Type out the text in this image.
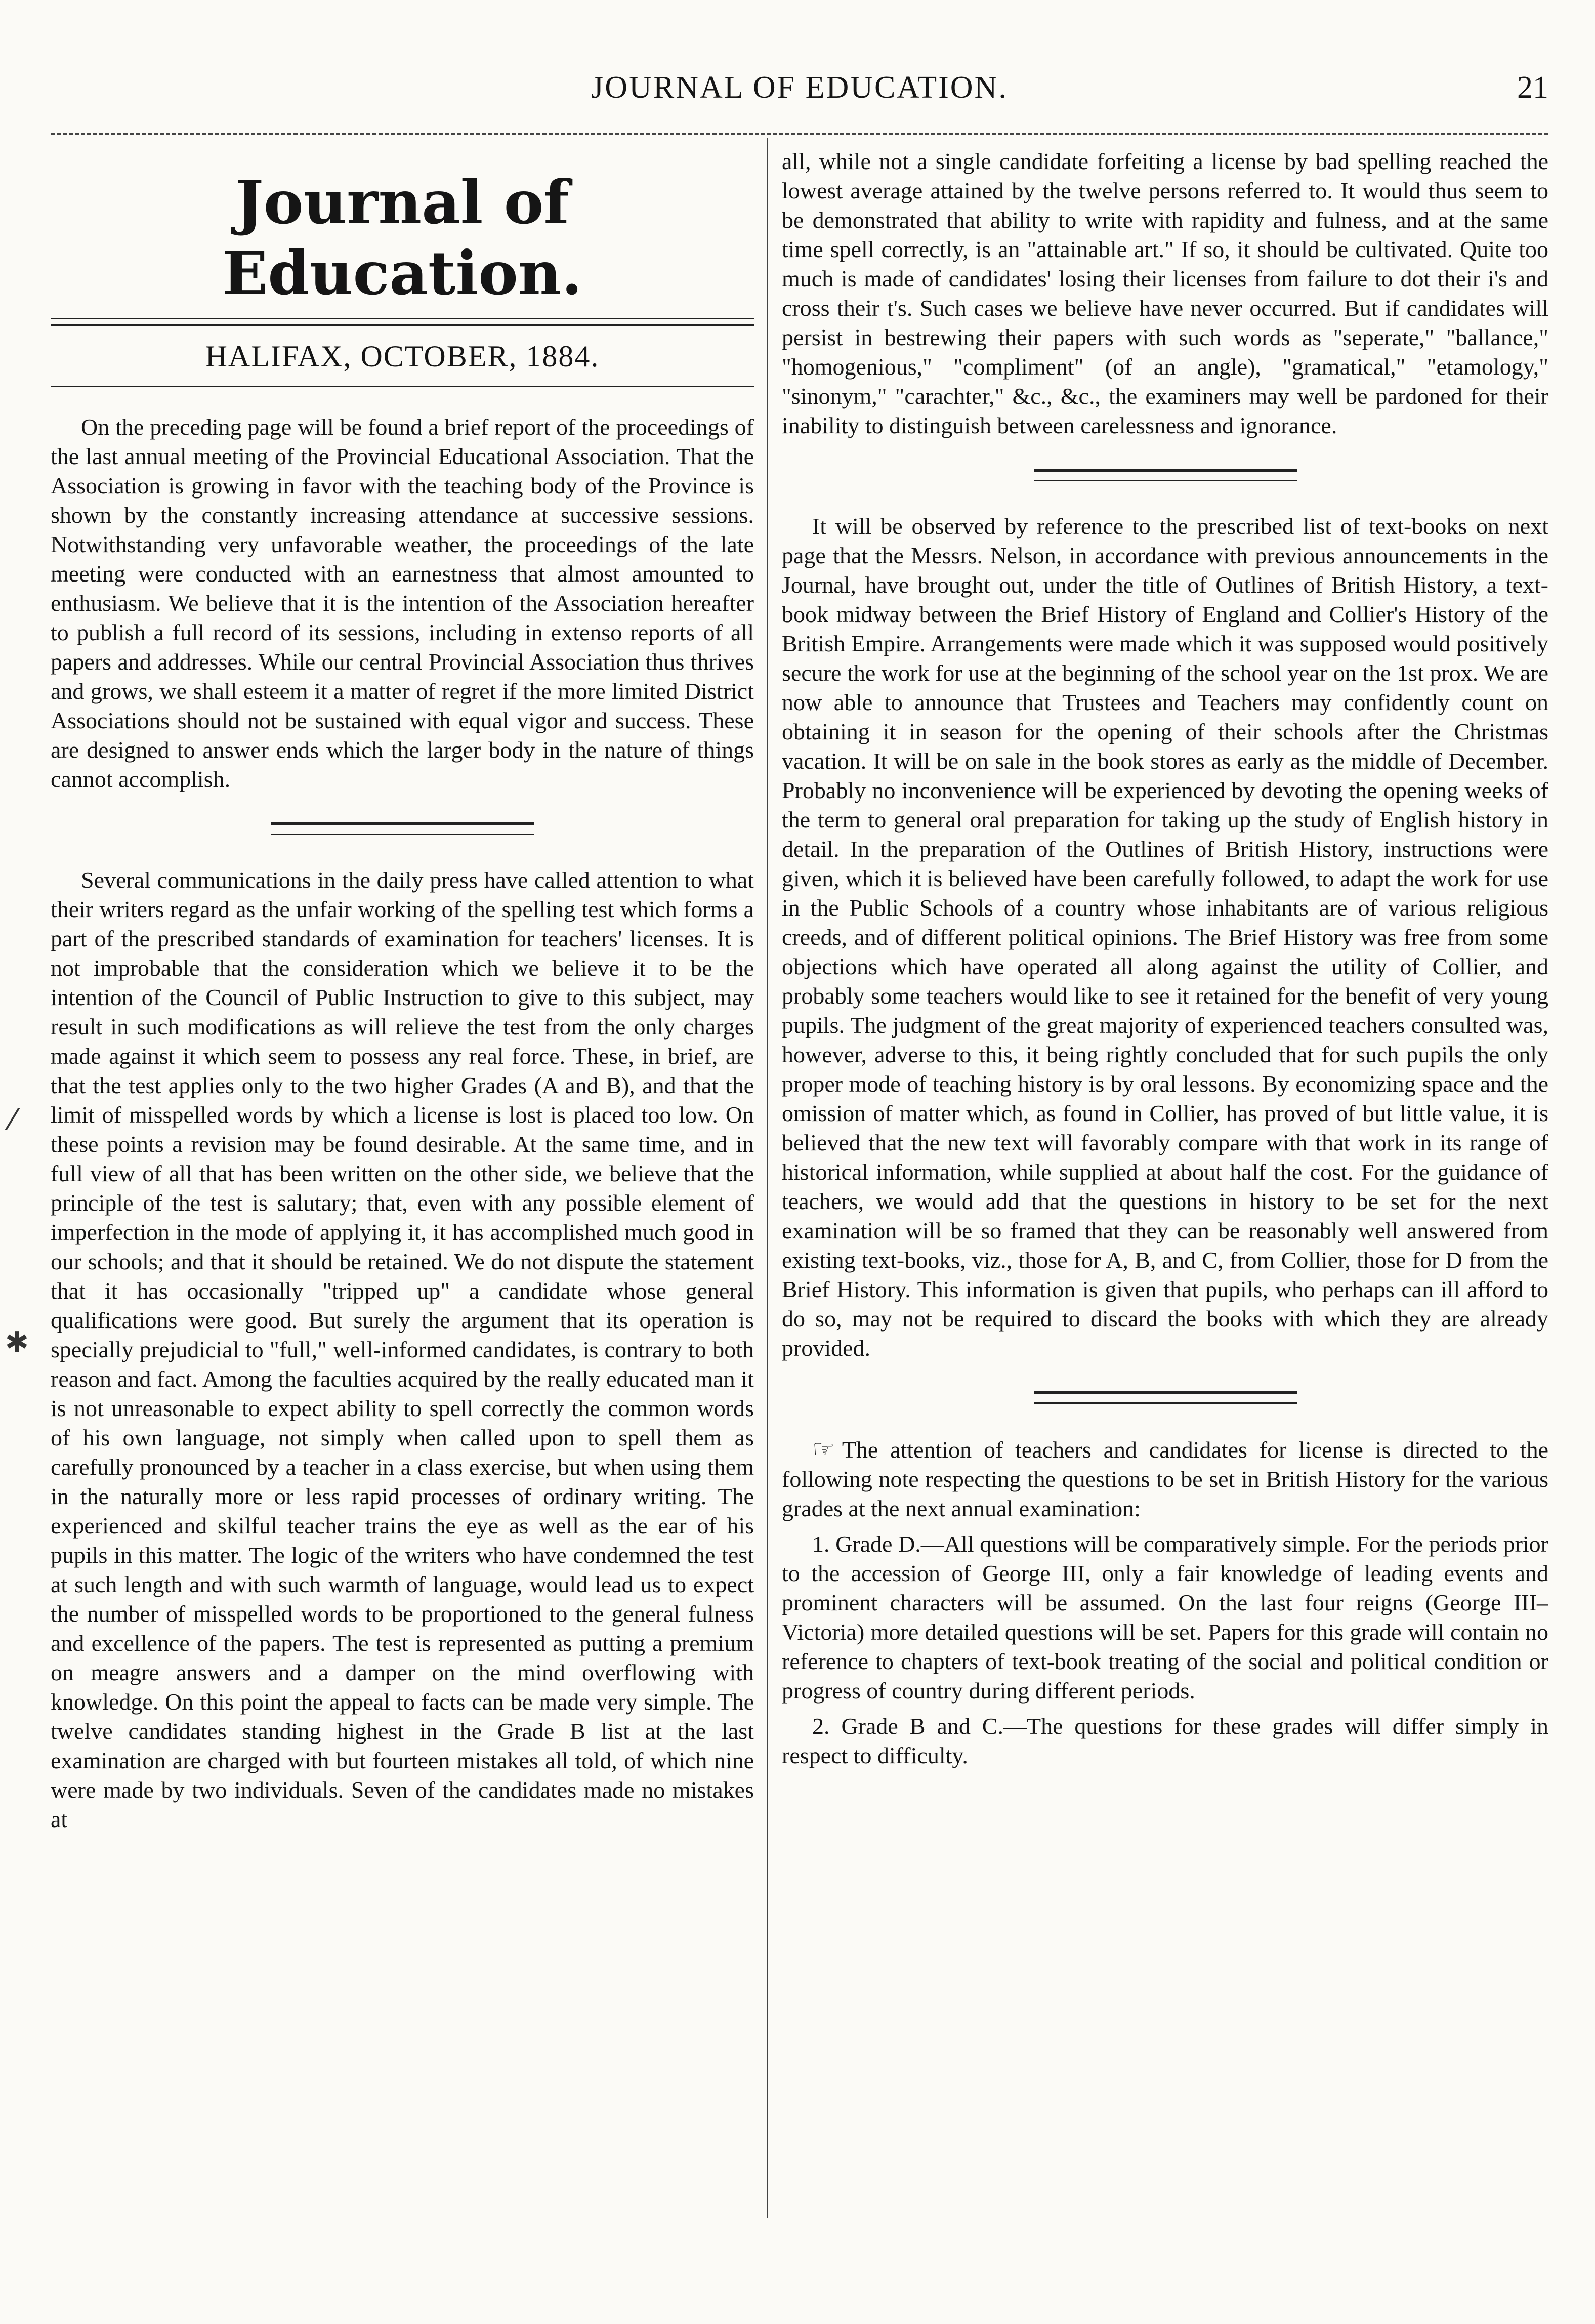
JOURNAL OF EDUCATION.	21
⁄
✱
Journal of Education.
HALIFAX, OCTOBER, 1884.

On the preceding page will be found a brief report of the proceedings of the last annual meeting of the Provincial Educational Association. That the Association is growing in favor with the teaching body of the Province is shown by the constantly increasing attendance at successive sessions. Notwithstanding very unfavorable weather, the proceedings of the late meeting were conducted with an earnestness that almost amounted to enthusiasm. We believe that it is the intention of the Association hereafter to publish a full record of its sessions, including in extenso reports of all papers and addresses. While our central Provincial Association thus thrives and grows, we shall esteem it a matter of regret if the more limited District Associations should not be sustained with equal vigor and success. These are designed to answer ends which the larger body in the nature of things cannot accomplish.

Several communications in the daily press have called attention to what their writers regard as the unfair working of the spelling test which forms a part of the prescribed standards of examination for teachers' licenses. It is not improbable that the consideration which we believe it to be the intention of the Council of Public Instruction to give to this subject, may result in such modifications as will relieve the test from the only charges made against it which seem to possess any real force. These, in brief, are that the test applies only to the two higher Grades (A and B), and that the limit of misspelled words by which a license is lost is placed too low. On these points a revision may be found desirable. At the same time, and in full view of all that has been written on the other side, we believe that the principle of the test is salutary; that, even with any possible element of imperfection in the mode of applying it, it has accomplished much good in our schools; and that it should be retained. We do not dispute the statement that it has occasionally "tripped up" a candidate whose general qualifications were good. But surely the argument that its operation is specially prejudicial to "full," well-informed candidates, is contrary to both reason and fact. Among the faculties acquired by the really educated man it is not unreasonable to expect ability to spell correctly the common words of his own language, not simply when called upon to spell them as carefully pronounced by a teacher in a class exercise, but when using them in the naturally more or less rapid processes of ordinary writing. The experienced and skilful teacher trains the eye as well as the ear of his pupils in this matter. The logic of the writers who have condemned the test at such length and with such warmth of language, would lead us to expect the number of misspelled words to be proportioned to the general fulness and excellence of the papers. The test is represented as putting a premium on meagre answers and a damper on the mind overflowing with knowledge. On this point the appeal to facts can be made very simple. The twelve candidates standing highest in the Grade B list at the last examination are charged with but fourteen mistakes all told, of which nine were made by two individuals. Seven of the candidates made no mistakes at

all, while not a single candidate forfeiting a license by bad spelling reached the lowest average attained by the twelve persons referred to. It would thus seem to be demonstrated that ability to write with rapidity and fulness, and at the same time spell correctly, is an "attainable art." If so, it should be cultivated. Quite too much is made of candidates' losing their licenses from failure to dot their i's and cross their t's. Such cases we believe have never occurred. But if candidates will persist in bestrewing their papers with such words as "seperate," "ballance," "homogenious," "compliment" (of an angle), "gramatical," "etamology," "sinonym," "carachter," &c., &c., the examiners may well be pardoned for their inability to distinguish between carelessness and ignorance.

It will be observed by reference to the prescribed list of text-books on next page that the Messrs. Nelson, in accordance with previous announcements in the Journal, have brought out, under the title of Outlines of British History, a text-book midway between the Brief History of England and Collier's History of the British Empire. Arrangements were made which it was supposed would positively secure the work for use at the beginning of the school year on the 1st prox. We are now able to announce that Trustees and Teachers may confidently count on obtaining it in season for the opening of their schools after the Christmas vacation. It will be on sale in the book stores as early as the middle of December. Probably no inconvenience will be experienced by devoting the opening weeks of the term to general oral preparation for taking up the study of English history in detail. In the preparation of the Outlines of British History, instructions were given, which it is believed have been carefully followed, to adapt the work for use in the Public Schools of a country whose inhabitants are of various religious creeds, and of different political opinions. The Brief History was free from some objections which have operated all along against the utility of Collier, and probably some teachers would like to see it retained for the benefit of very young pupils. The judgment of the great majority of experienced teachers consulted was, however, adverse to this, it being rightly concluded that for such pupils the only proper mode of teaching history is by oral lessons. By economizing space and the omission of matter which, as found in Collier, has proved of but little value, it is believed that the new text will favorably compare with that work in its range of historical information, while supplied at about half the cost. For the guidance of teachers, we would add that the questions in history to be set for the next examination will be so framed that they can be reasonably well answered from existing text-books, viz., those for A, B, and C, from Collier, those for D from the Brief History. This information is given that pupils, who perhaps can ill afford to do so, may not be required to discard the books with which they are already provided.

☞ The attention of teachers and candidates for license is directed to the following note respecting the questions to be set in British History for the various grades at the next annual examination:

1. Grade D.—All questions will be comparatively simple. For the periods prior to the accession of George III, only a fair knowledge of leading events and prominent characters will be assumed. On the last four reigns (George III–Victoria) more detailed questions will be set. Papers for this grade will contain no reference to chapters of text-book treating of the social and political condition or progress of country during different periods.

2. Grade B and C.—The questions for these grades will differ simply in respect to difficulty.
